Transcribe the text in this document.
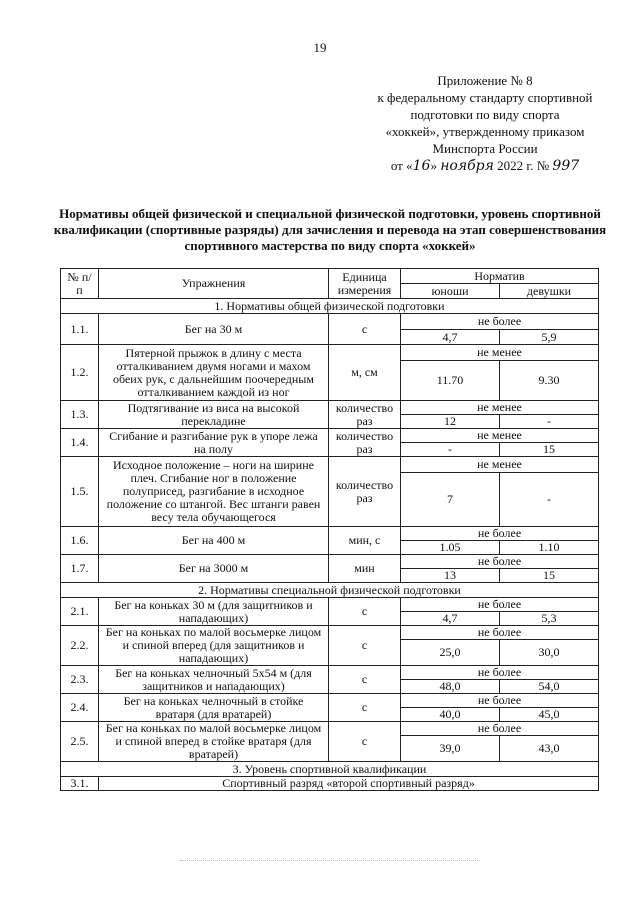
19
Приложение № 8
к федеральному стандарту спортивной
подготовки по виду спорта
«хоккей», утвержденному приказом
Минспорта России
от «16» ноября 2022 г. № 997
Нормативы общей физической и специальной физической подготовки, уровень спортивной квалификации (спортивные разряды) для зачисления и перевода на этап совершенствования спортивного мастерства по виду спорта «хоккей»
№ п/п	Упражнения	Единица измерения	Норматив	
			юноши	девушки
1. Нормативы общей физической подготовки				
1.1.	Бег на 30 м	с	не более	
			4,7	5,9
1.2.	Пятерной прыжок в длину с места отталкиванием двумя ногами и махом обеих рук, с дальнейшим поочередным отталкиванием каждой из ног	м, см	не менее	
			11.70	9.30
1.3.	Подтягивание из виса на высокой перекладине	количество раз	не менее	
			12	-
1.4.	Сгибание и разгибание рук в упоре лежа на полу	количество раз	не менее	
			-	15
1.5.	Исходное положение – ноги на ширине плеч. Сгибание ног в положение полуприсед, разгибание в исходное положение со штангой. Вес штанги равен весу тела обучающегося	количество раз	не менее	
			7	-
1.6.	Бег на 400 м	мин, с	не более	
			1.05	1.10
1.7.	Бег на 3000 м	мин	не более	
			13	15
2. Нормативы специальной физической подготовки				
2.1.	Бег на коньках 30 м (для защитников и нападающих)	с	не более	
			4,7	5,3
2.2.	Бег на коньках по малой восьмерке лицом и спиной вперед (для защитников и нападающих)	с	не более	
			25,0	30,0
2.3.	Бег на коньках челночный 5x54 м (для защитников и нападающих)	с	не более	
			48,0	54,0
2.4.	Бег на коньках челночный в стойке вратаря (для вратарей)	с	не более	
			40,0	45,0
2.5.	Бег на коньках по малой восьмерке лицом и спиной вперед в стойке вратаря (для вратарей)	с	не более	
			39,0	43,0
3. Уровень спортивной квалификации				
3.1.	Спортивный разряд «второй спортивный разряд»			
